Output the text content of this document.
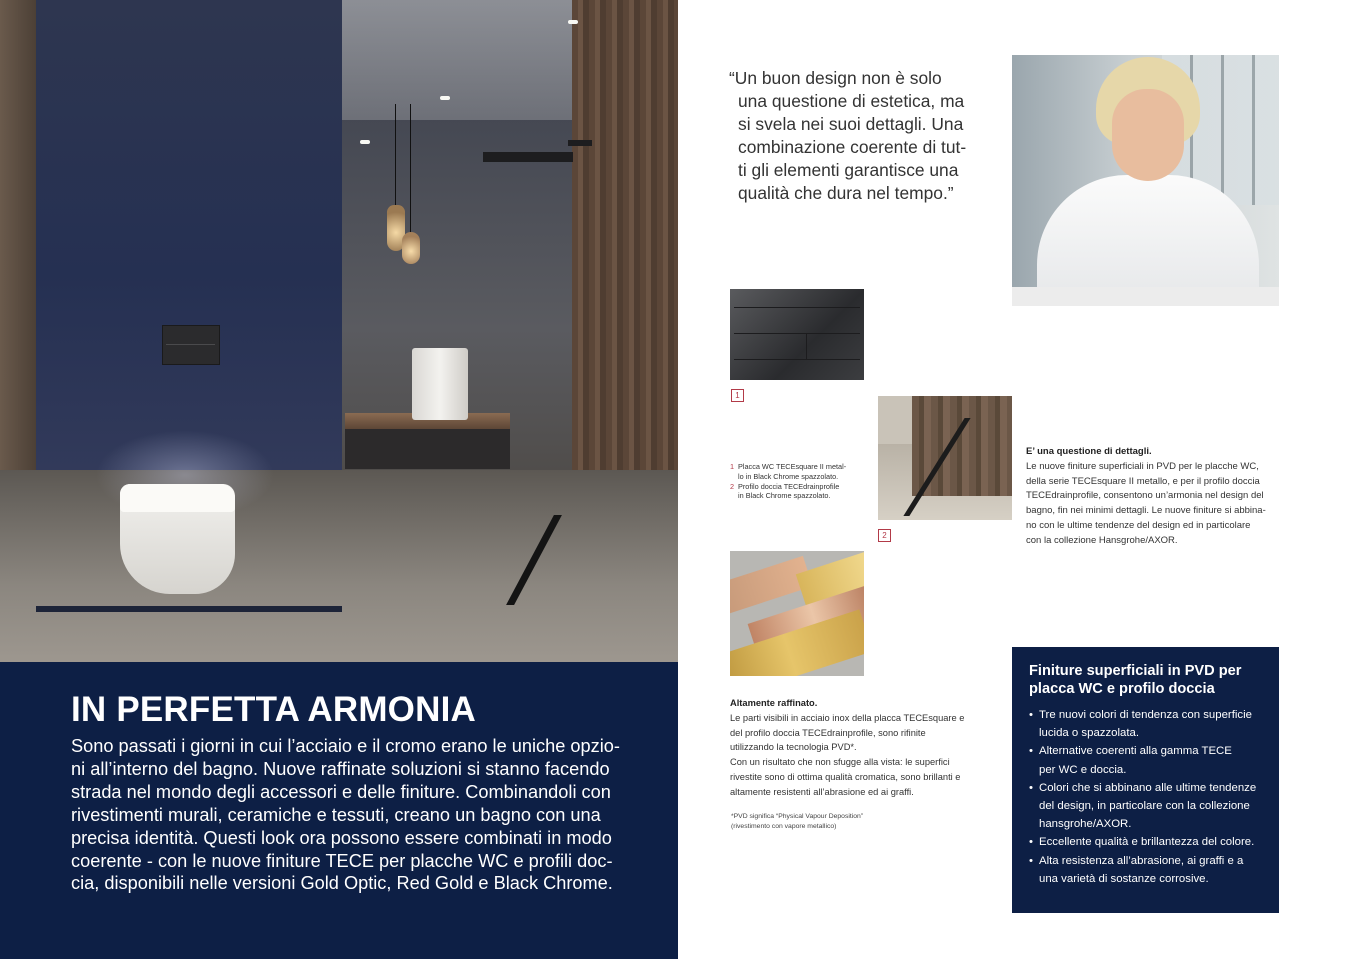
IN PERFETTA ARMONIA
Sono passati i giorni in cui l’acciaio e il cromo erano le uniche opzio-
ni all’interno del bagno. Nuove raffinate soluzioni si stanno facendo
strada nel mondo degli accessori e delle finiture. Combinandoli con
rivestimenti murali, ceramiche e tessuti, creano un bagno con una
precisa identità. Questi look ora possono essere combinati in modo
coerente - con le nuove finiture TECE per placche WC e profili doc-
cia, disponibili nelle versioni Gold Optic, Red Gold e Black Chrome.
“Un buon design non è solo
una questione di estetica, ma
si svela nei suoi dettagli. Una
combinazione coerente di tut-
ti gli elementi garantisce una
qualità che dura nel tempo.”
1
1 Placca WC TECEsquare II metal-
lo in Black Chrome spazzolato.
2 Profilo doccia TECEdrainprofile
in Black Chrome spazzolato.
2
E’ una questione di dettagli.
Le nuove finiture superficiali in PVD per le placche WC,
della serie TECEsquare II metallo, e per il profilo doccia
TECEdrainprofile, consentono un’armonia nel design del
bagno, fin nei minimi dettagli. Le nuove finiture si abbina-
no con le ultime tendenze del design ed in particolare
con la collezione Hansgrohe/AXOR.
Altamente raffinato.
Le parti visibili in acciaio inox della placca TECEsquare e
del profilo doccia TECEdrainprofile, sono rifinite
utilizzando la tecnologia PVD*.
Con un risultato che non sfugge alla vista: le superfici
rivestite sono di ottima qualità cromatica, sono brillanti e
altamente resistenti all’abrasione ed ai graffi.
*PVD significa “Physical Vapour Deposition”
(rivestimento con vapore metallico)
Finiture superficiali in PVD per
placca WC e profilo doccia
• Tre nuovi colori di tendenza con superficie
lucida o spazzolata.
• Alternative coerenti alla gamma TECE
per WC e doccia.
• Colori che si abbinano alle ultime tendenze
del design, in particolare con la collezione
hansgrohe/AXOR.
• Eccellente qualità e brillantezza del colore.
• Alta resistenza all’abrasione, ai graffi e a
una varietà di sostanze corrosive.
